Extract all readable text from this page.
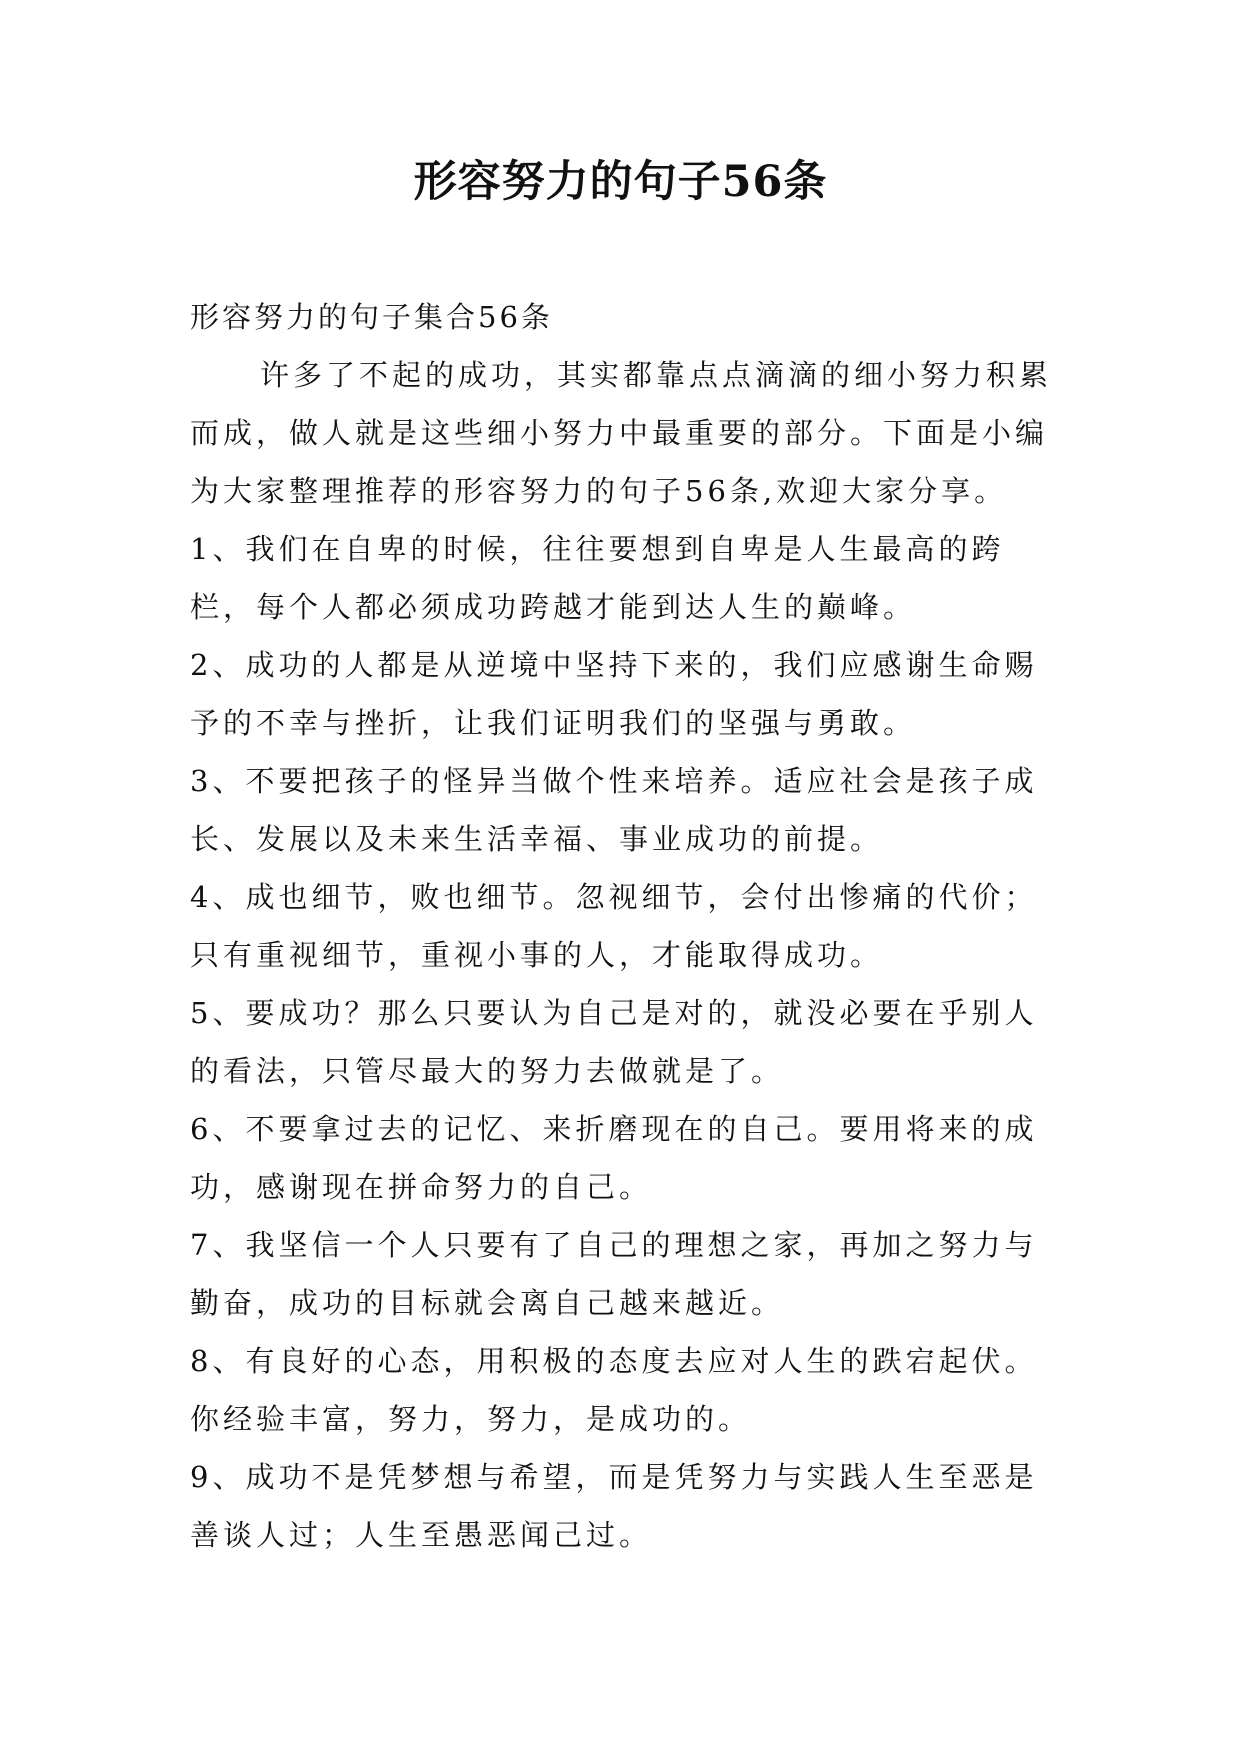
形容努力的句子56条

形容努力的句子集合56条

许多了不起的成功，其实都靠点点滴滴的细小努力积累而成，做人就是这些细小努力中最重要的部分。下面是小编为大家整理推荐的形容努力的句子56条,欢迎大家分享。

1、我们在自卑的时候，往往要想到自卑是人生最高的跨栏，每个人都必须成功跨越才能到达人生的巅峰。

2、成功的人都是从逆境中坚持下来的，我们应感谢生命赐予的不幸与挫折，让我们证明我们的坚强与勇敢。

3、不要把孩子的怪异当做个性来培养。适应社会是孩子成长、发展以及未来生活幸福、事业成功的前提。

4、成也细节，败也细节。忽视细节，会付出惨痛的代价；只有重视细节，重视小事的人，才能取得成功。

5、要成功？那么只要认为自己是对的，就没必要在乎别人的看法，只管尽最大的努力去做就是了。

6、不要拿过去的记忆、来折磨现在的自己。要用将来的成功，感谢现在拼命努力的自己。

7、我坚信一个人只要有了自己的理想之家，再加之努力与勤奋，成功的目标就会离自己越来越近。

8、有良好的心态，用积极的态度去应对人生的跌宕起伏。你经验丰富，努力，努力，是成功的。

9、成功不是凭梦想与希望，而是凭努力与实践人生至恶是善谈人过；人生至愚恶闻己过。
